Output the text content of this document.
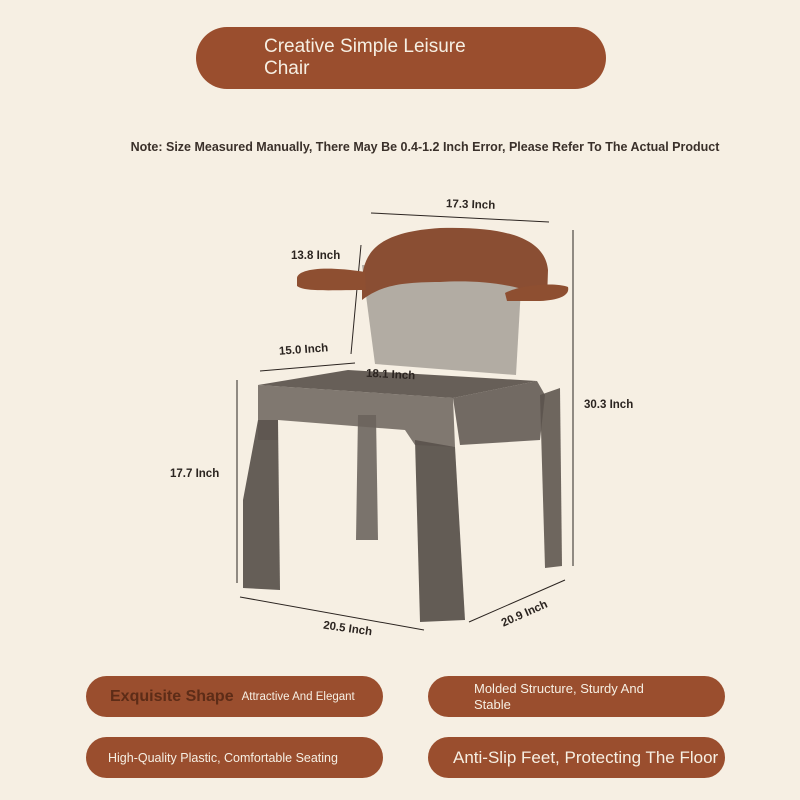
Creative Simple Leisure Chair
Note: Size Measured Manually, There May Be 0.4-1.2 Inch Error, Please Refer To The Actual Product
17.3 Inch
13.8 Inch
15.0 Inch
18.1 Inch
30.3 Inch
17.7 Inch
20.5 Inch	20.9 Inch
Exquisite Shape Attractive And Elegant
Molded Structure, Sturdy And Stable
High-Quality Plastic, Comfortable Seating	Anti-Slip Feet, Protecting The Floor
